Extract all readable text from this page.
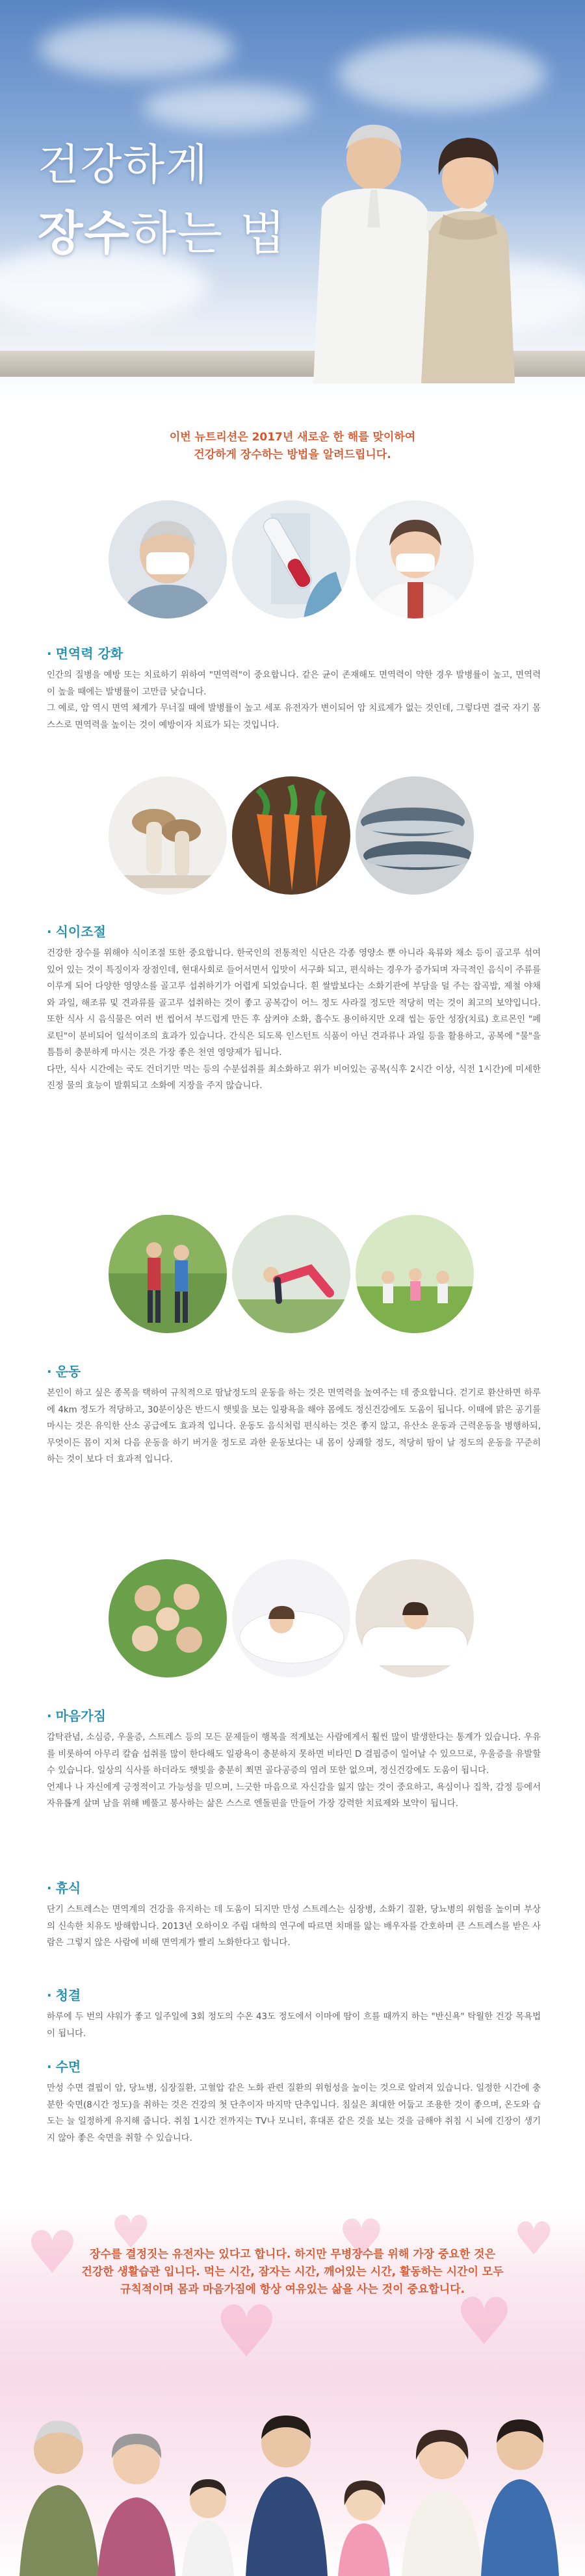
건강하게
장수하는 법
이번 뉴트리션은 2017년 새로운 한 해를 맞이하여
건강하게 장수하는 방법을 알려드립니다.
· 면역력 강화

인간의 질병을 예방 또는 치료하기 위하여 "면역력"이 중요합니다. 같은 균이 존재해도 면역력이 약한 경우 발병률이 높고, 면역력이 높을 때에는 발병률이 고만큼 낮습니다.

그 예로, 암 역시 면역 체계가 무너질 때에 발병률이 높고 세포 유전자가 변이되어 암 치료제가 없는 것인데, 그렇다면 결국 자기 몸 스스로 면역력을 높이는 것이 예방이자 치료가 되는 것입니다.

· 식이조절

건강한 장수를 위해야 식이조절 또한 중요합니다. 한국인의 전통적인 식단은 각종 영양소 뿐 아니라 육류와 채소 등이 골고루 섞여있어 있는 것이 특징이자 장점인데, 현대사회로 들어서면서 입맛이 서구화 되고, 편식하는 경우가 증가되며 자극적인 음식이 주류를 이루게 되어 다양한 영양소를 골고루 섭취하기가 어렵게 되었습니다. 흰 쌀밥보다는 소화기관에 부담을 덜 주는 잡곡밥, 제철 야채와 과일, 해조류 및 견과류를 골고루 섭취하는 것이 좋고 공복감이 어느 정도 사라질 정도만 적당히 먹는 것이 최고의 보약입니다. 또한 식사 시 음식물은 여러 번 씹어서 부드럽게 만든 후 삼켜야 소화, 흡수도 용이하지만 오래 씹는 동안 성장(치료) 호르몬인 "페로틴"이 분비되어 일석이조의 효과가 있습니다. 간식은 되도록 인스턴트 식품이 아닌 견과류나 과일 등을 활용하고, 공복에 "물"을 틈틈히 충분하게 마시는 것은 가장 좋은 천연 영양제가 됩니다.

다만, 식사 시간에는 국도 건더기만 먹는 등의 수분섭취를 최소화하고 위가 비어있는 공복(식후 2시간 이상, 식전 1시간)에 미세한 진정 물의 효능이 발휘되고 소화에 지장을 주지 않습니다.

· 운동

본인이 하고 싶은 종목을 택하여 규칙적으로 땀날정도의 운동을 하는 것은 면역력을 높여주는 데 중요합니다. 걷기로 환산하면 하루에 4km 정도가 적당하고, 30분이상은 반드시 햇빛을 보는 일광욕을 해야 몸에도 정신건강에도 도움이 됩니다. 이때에 맑은 공기를 마시는 것은 유익한 산소 공급에도 효과적 입니다. 운동도 음식처럼 편식하는 것은 좋지 않고, 유산소 운동과 근력운동을 병행하되, 무엇이든 몸이 지쳐 다음 운동을 하기 버거울 정도로 과한 운동보다는 내 몸이 상쾌할 정도, 적당히 땀이 날 정도의 운동을 꾸준히 하는 것이 보다 더 효과적 입니다.

· 마음가짐

감탁관념, 소심증, 우울증, 스트레스 등의 모든 문제들이 행복을 적게보는 사람에게서 훨씬 많이 발생한다는 통계가 있습니다. 우유를 비롯하여 아무리 칼슘 섭취를 많이 한다해도 일광욕이 충분하지 못하면 비타민 D 결핍증이 일어날 수 있으므로, 우울증을 유발할 수 있습니다. 일상의 식사를 하더라도 햇빛을 충분히 쬐면 골다공증의 염려 또한 없으며, 정신건강에도 도움이 됩니다.

언제나 나 자신에게 긍정적이고 가능성을 믿으며, 느긋한 마음으로 자신감을 잃지 않는 것이 중요하고, 욕심이나 집착, 감정 등에서 자유롭게 살며 남을 위해 베풀고 봉사하는 삶은 스스로 엔돌핀을 만들어 가장 강력한 치료제와 보약이 됩니다.

· 휴식

단기 스트레스는 면역계의 건강을 유지하는 데 도움이 되지만 만성 스트레스는 심장병, 소화기 질환, 당뇨병의 위험을 높이며 부상의 신속한 치유도 방해합니다. 2013년 오하이오 주립 대학의 연구에 따르면 치매를 앓는 배우자를 간호하며 큰 스트레스를 받은 사람은 그렇지 않은 사람에 비해 면역계가 빨리 노화한다고 합니다.

· 청결

하루에 두 번의 샤워가 좋고 일주일에 3회 정도의 수온 43도 정도에서 이마에 땀이 흐를 때까지 하는 "반신욕" 탁월한 건강 목욕법이 됩니다.

· 수면

만성 수면 결핍이 암, 당뇨병, 심장질환, 고혈압 같은 노화 관련 질환의 위험성을 높이는 것으로 알려져 있습니다. 일정한 시간에 충분한 숙면(8시간 정도)을 취하는 것은 건강의 첫 단추이자 마지막 단추입니다. 침실은 최대한 어둡고 조용한 것이 좋으며, 온도와 습도는 늘 일정하게 유지해 줍니다. 취침 1시간 전까지는 TV나 모니터, 휴대폰 같은 것을 보는 것을 금해야 취침 시 뇌에 긴장이 생기지 않아 좋은 숙면을 취할 수 있습니다.

♥ ♥
♥
♥
♥
♥
장수를 결정짓는 유전자는 있다고 합니다. 하지만 무병장수를 위해 가장 중요한 것은
건강한 생활습관 입니다. 먹는 시간, 잠자는 시간, 깨어있는 시간, 활동하는 시간이 모두
규칙적이며 몸과 마음가짐에 항상 여유있는 삶을 사는 것이 중요합니다.
